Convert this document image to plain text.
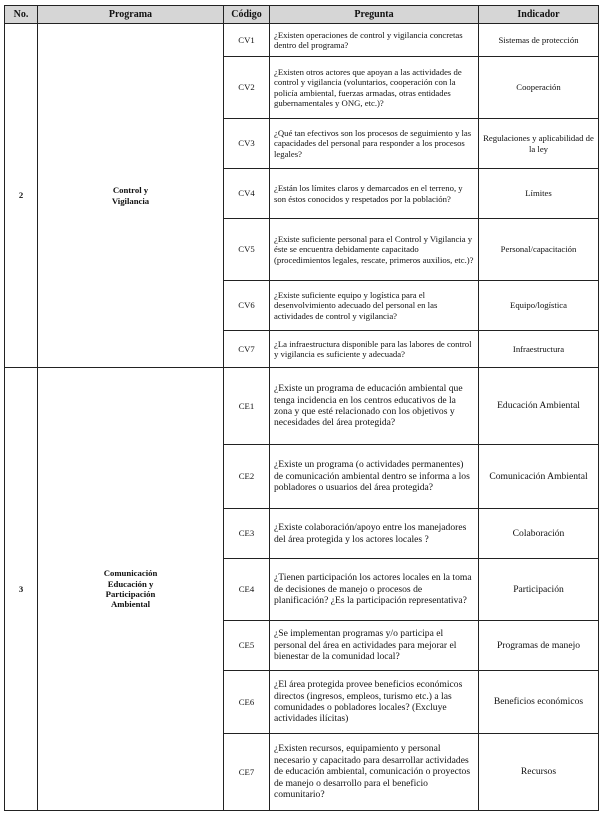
No.	Programa	Código	Pregunta	Indicador
2	Control y Vigilancia	CV1	¿Existen operaciones de control y vigilancia concretas dentro del programa?	Sistemas de protección
		CV2	¿Existen otros actores que apoyan a las actividades de control y vigilancia (voluntarios, cooperación con la policía ambiental, fuerzas armadas, otras entidades gubernamentales y ONG, etc.)?	Cooperación
		CV3	¿Qué tan efectivos son los procesos de seguimiento y las capacidades del personal para responder a los procesos legales?	Regulaciones y aplicabilidad de la ley
		CV4	¿Están los límites claros y demarcados en el terreno, y son éstos conocidos y respetados por la población?	Límites
		CV5	¿Existe suficiente personal para el Control y Vigilancia y éste se encuentra debidamente capacitado (procedimientos legales, rescate, primeros auxilios, etc.)?	Personal/capacitación
		CV6	¿Existe suficiente equipo y logística para el desenvolvimiento adecuado del personal en las actividades de control y vigilancia?	Equipo/logística
		CV7	¿La infraestructura disponible para las labores de control y vigilancia es suficiente y adecuada?	Infraestructura
3	Comunicación Educación y Participación Ambiental	CE1	¿Existe un programa de educación ambiental que tenga incidencia en los centros educativos de la zona y que esté relacionado con los objetivos y necesidades del área protegida?	Educación Ambiental
		CE2	¿Existe un programa (o actividades permanentes) de comunicación ambiental dentro se informa a los pobladores o usuarios del área protegida?	Comunicación Ambiental
		CE3	¿Existe colaboración/apoyo entre los manejadores del área protegida y los actores locales ?	Colaboración
		CE4	¿Tienen participación los actores locales en la toma de decisiones de manejo o procesos de planificación? ¿Es la participación representativa?	Participación
		CE5	¿Se implementan programas y/o participa el personal del área en actividades para mejorar el bienestar de la comunidad local?	Programas de manejo
		CE6	¿El área protegida provee beneficios económicos directos (ingresos, empleos, turismo etc.) a las comunidades o pobladores locales? (Excluye actividades ilícitas)	Beneficios económicos
		CE7	¿Existen recursos, equipamiento y personal necesario y capacitado para desarrollar actividades de educación ambiental, comunicación o proyectos de manejo o desarrollo para el beneficio comunitario?	Recursos
